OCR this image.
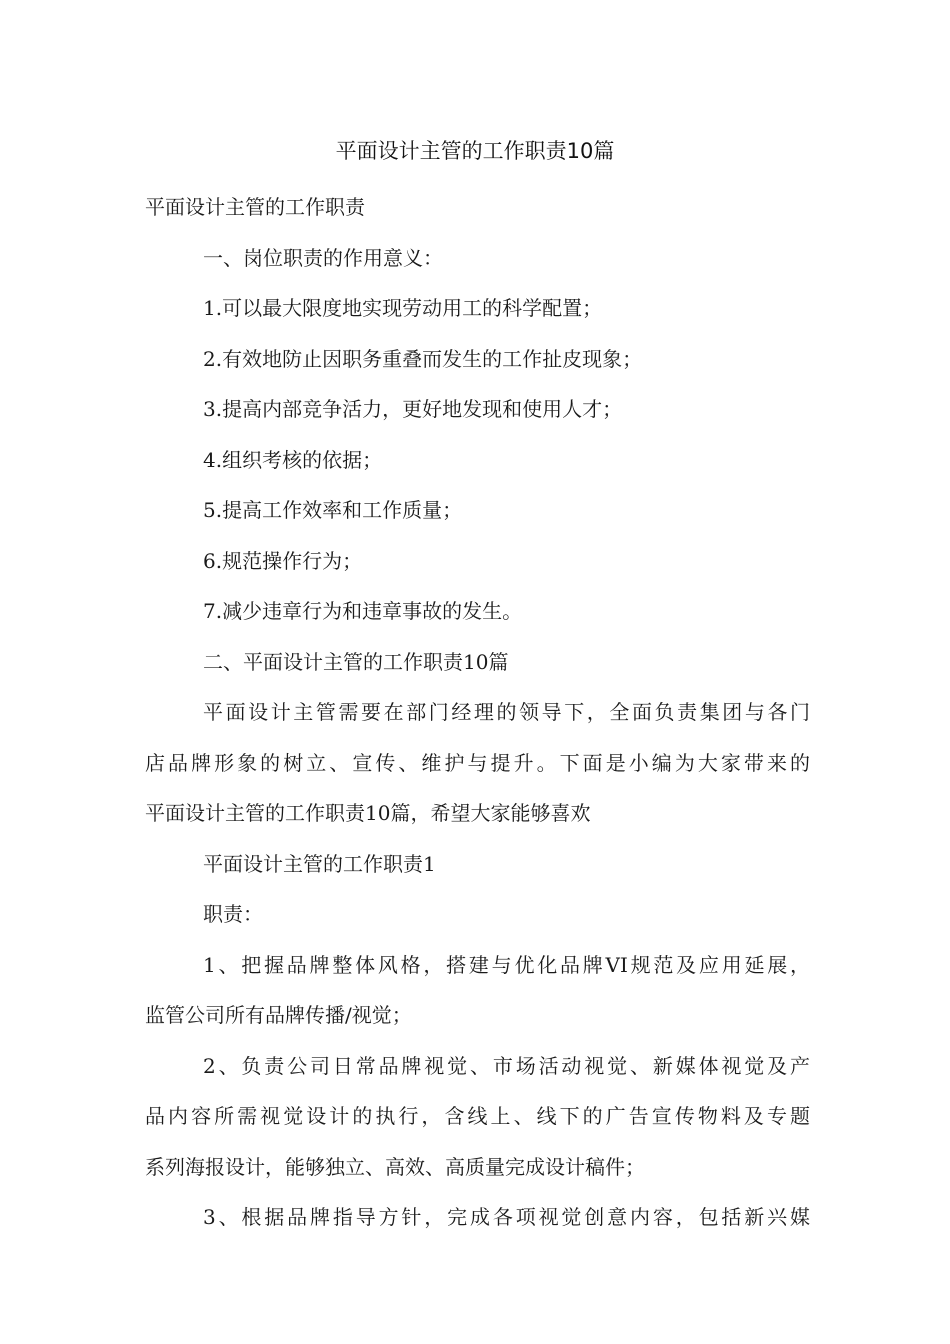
平面设计主管的工作职责10篇

平面设计主管的工作职责

一、岗位职责的作用意义：

1.可以最大限度地实现劳动用工的科学配置；

2.有效地防止因职务重叠而发生的工作扯皮现象；

3.提高内部竞争活力，更好地发现和使用人才；

4.组织考核的依据；

5.提高工作效率和工作质量；

6.规范操作行为；

7.减少违章行为和违章事故的发生。

二、平面设计主管的工作职责10篇

平面设计主管需要在部门经理的领导下，全面负责集团与各门
店品牌形象的树立、宣传、维护与提升。下面是小编为大家带来的
平面设计主管的工作职责10篇，希望大家能够喜欢

平面设计主管的工作职责1

职责：

1、把握品牌整体风格，搭建与优化品牌VI规范及应用延展，
监管公司所有品牌传播/视觉；
2、负责公司日常品牌视觉、市场活动视觉、新媒体视觉及产
品内容所需视觉设计的执行，含线上、线下的广告宣传物料及专题
系列海报设计，能够独立、高效、高质量完成设计稿件；
3、根据品牌指导方针，完成各项视觉创意内容，包括新兴媒
